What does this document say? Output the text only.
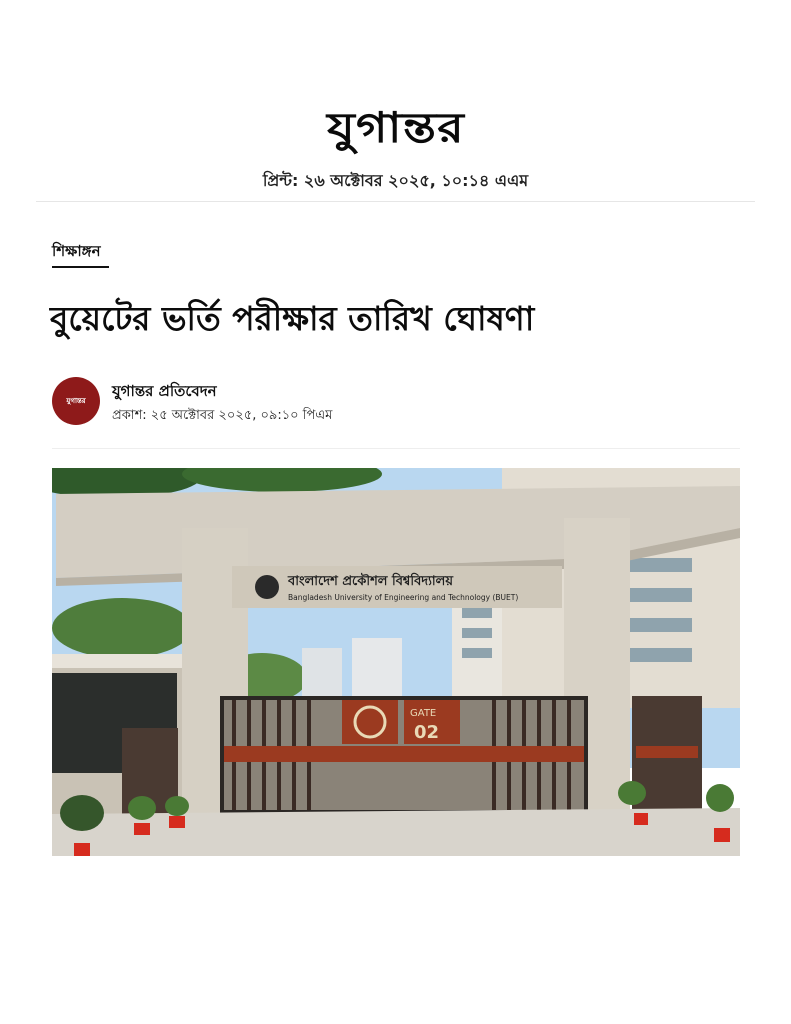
যুগান্তর
প্রিন্ট: ২৬ অক্টোবর ২০২৫, ১০:১৪ এএম
শিক্ষাঙ্গন
বুয়েটের ভর্তি পরীক্ষার তারিখ ঘোষণা
যুগান্তর
যুগান্তর প্রতিবেদন
প্রকাশ: ২৫ অক্টোবর ২০২৫, ০৯:১০ পিএম
বাংলাদেশ প্রকৌশল বিশ্ববিদ্যালয়
Bangladesh University of Engineering and Technology (BUET)
GATE
02
